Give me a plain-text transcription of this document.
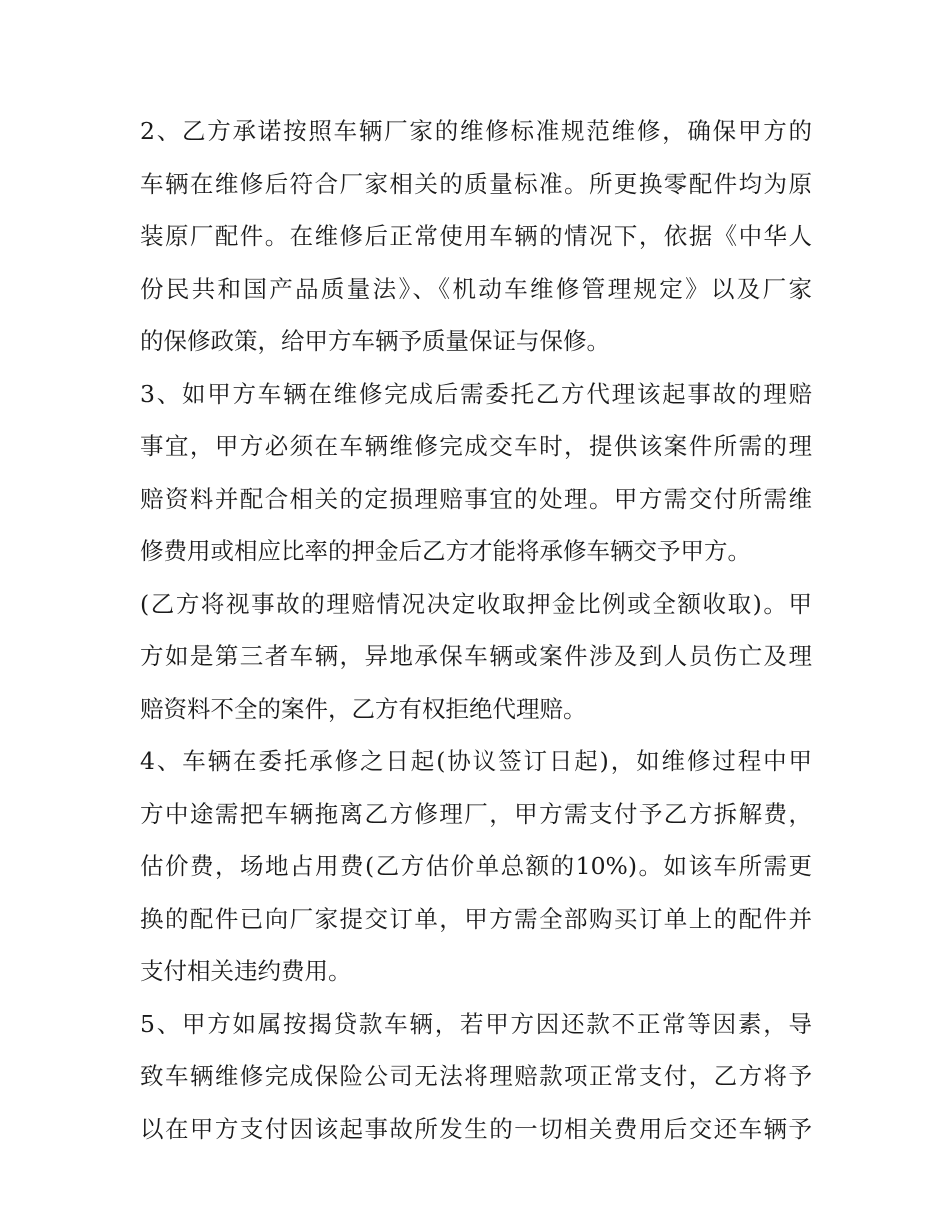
2、乙方承诺按照车辆厂家的维修标准规范维修，确保甲方的
车辆在维修后符合厂家相关的质量标准。所更换零配件均为原
装原厂配件。在维修后正常使用车辆的情况下，依据《中华人
份民共和国产品质量法》、《机动车维修管理规定》以及厂家
的保修政策，给甲方车辆予质量保证与保修。
3、如甲方车辆在维修完成后需委托乙方代理该起事故的理赔
事宜，甲方必须在车辆维修完成交车时，提供该案件所需的理
赔资料并配合相关的定损理赔事宜的处理。甲方需交付所需维
修费用或相应比率的押金后乙方才能将承修车辆交予甲方。
(乙方将视事故的理赔情况决定收取押金比例或全额收取)。甲
方如是第三者车辆，异地承保车辆或案件涉及到人员伤亡及理
赔资料不全的案件，乙方有权拒绝代理赔。
4、车辆在委托承修之日起(协议签订日起)，如维修过程中甲
方中途需把车辆拖离乙方修理厂，甲方需支付予乙方拆解费，
估价费，场地占用费(乙方估价单总额的10%)。如该车所需更
换的配件已向厂家提交订单，甲方需全部购买订单上的配件并
支付相关违约费用。
5、甲方如属按揭贷款车辆，若甲方因还款不正常等因素，导
致车辆维修完成保险公司无法将理赔款项正常支付，乙方将予
以在甲方支付因该起事故所发生的一切相关费用后交还车辆予
